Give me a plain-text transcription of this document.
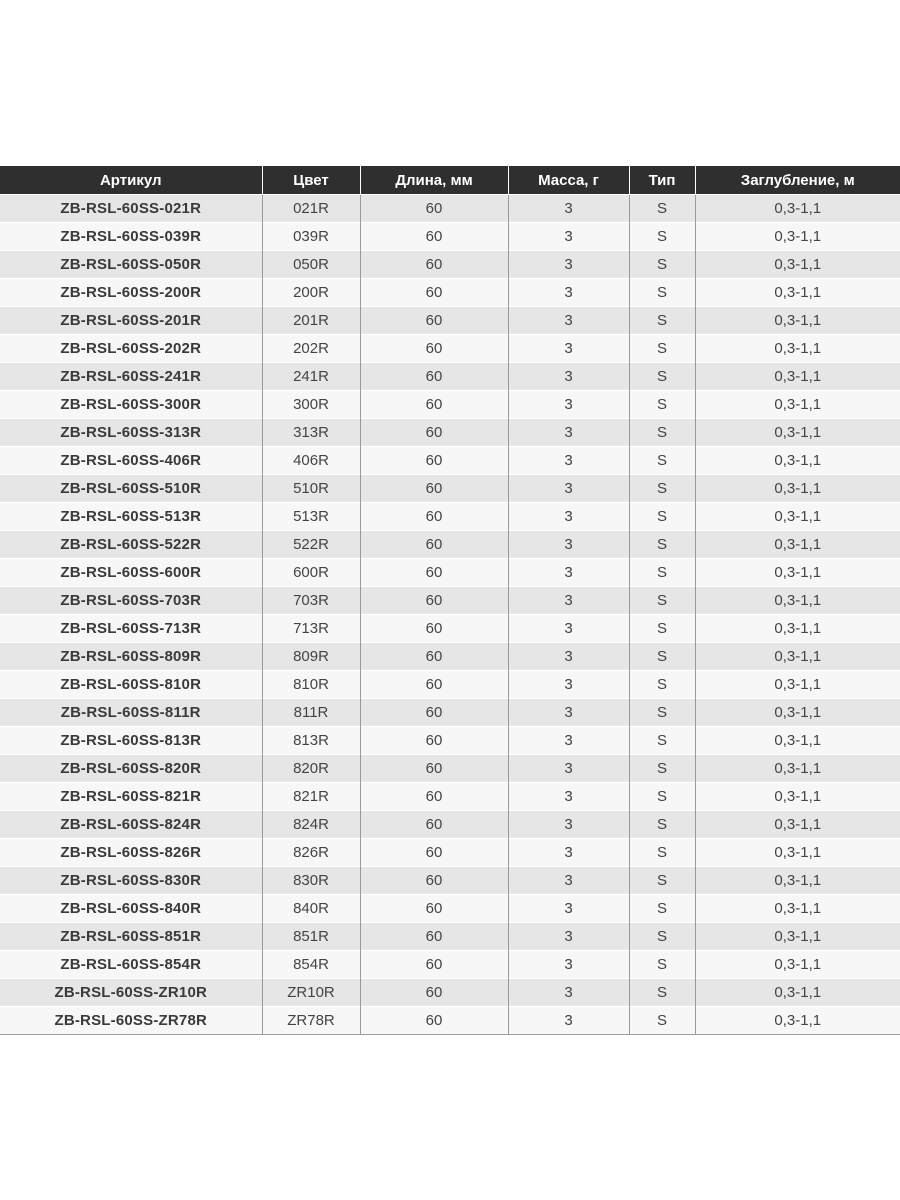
Артикул	Цвет	Длина, мм	Масса, г	Тип	Заглубление, м
ZB-RSL-60SS-021R	021R	60	3	S	0,3-1,1
ZB-RSL-60SS-039R	039R	60	3	S	0,3-1,1
ZB-RSL-60SS-050R	050R	60	3	S	0,3-1,1
ZB-RSL-60SS-200R	200R	60	3	S	0,3-1,1
ZB-RSL-60SS-201R	201R	60	3	S	0,3-1,1
ZB-RSL-60SS-202R	202R	60	3	S	0,3-1,1
ZB-RSL-60SS-241R	241R	60	3	S	0,3-1,1
ZB-RSL-60SS-300R	300R	60	3	S	0,3-1,1
ZB-RSL-60SS-313R	313R	60	3	S	0,3-1,1
ZB-RSL-60SS-406R	406R	60	3	S	0,3-1,1
ZB-RSL-60SS-510R	510R	60	3	S	0,3-1,1
ZB-RSL-60SS-513R	513R	60	3	S	0,3-1,1
ZB-RSL-60SS-522R	522R	60	3	S	0,3-1,1
ZB-RSL-60SS-600R	600R	60	3	S	0,3-1,1
ZB-RSL-60SS-703R	703R	60	3	S	0,3-1,1
ZB-RSL-60SS-713R	713R	60	3	S	0,3-1,1
ZB-RSL-60SS-809R	809R	60	3	S	0,3-1,1
ZB-RSL-60SS-810R	810R	60	3	S	0,3-1,1
ZB-RSL-60SS-811R	811R	60	3	S	0,3-1,1
ZB-RSL-60SS-813R	813R	60	3	S	0,3-1,1
ZB-RSL-60SS-820R	820R	60	3	S	0,3-1,1
ZB-RSL-60SS-821R	821R	60	3	S	0,3-1,1
ZB-RSL-60SS-824R	824R	60	3	S	0,3-1,1
ZB-RSL-60SS-826R	826R	60	3	S	0,3-1,1
ZB-RSL-60SS-830R	830R	60	3	S	0,3-1,1
ZB-RSL-60SS-840R	840R	60	3	S	0,3-1,1
ZB-RSL-60SS-851R	851R	60	3	S	0,3-1,1
ZB-RSL-60SS-854R	854R	60	3	S	0,3-1,1
ZB-RSL-60SS-ZR10R	ZR10R	60	3	S	0,3-1,1
ZB-RSL-60SS-ZR78R	ZR78R	60	3	S	0,3-1,1
